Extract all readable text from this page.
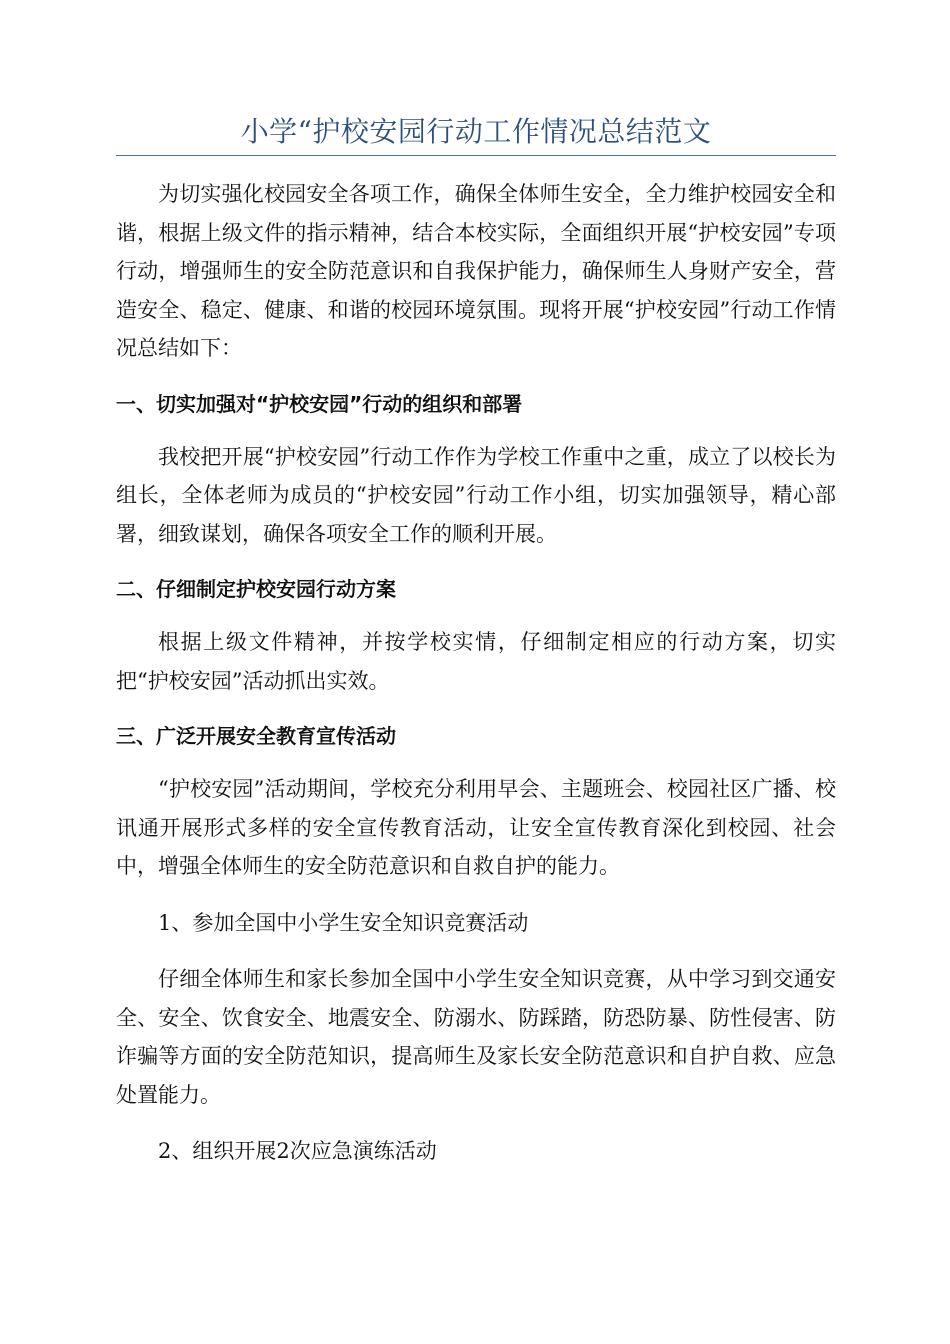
小学“护校安园行动工作情况总结范文

为切实强化校园安全各项工作，确保全体师生安全，全力维护校园安全和谐，根据上级文件的指示精神，结合本校实际，全面组织开展“护校安园”专项行动，增强师生的安全防范意识和自我保护能力，确保师生人身财产安全，营造安全、稳定、健康、和谐的校园环境氛围。现将开展“护校安园”行动工作情况总结如下：

一、切实加强对“护校安园”行动的组织和部署

我校把开展“护校安园”行动工作作为学校工作重中之重，成立了以校长为组长，全体老师为成员的“护校安园”行动工作小组，切实加强领导，精心部署，细致谋划，确保各项安全工作的顺利开展。

二、仔细制定护校安园行动方案

根据上级文件精神，并按学校实情，仔细制定相应的行动方案，切实把“护校安园”活动抓出实效。

三、广泛开展安全教育宣传活动

“护校安园”活动期间，学校充分利用早会、主题班会、校园社区广播、校讯通开展形式多样的安全宣传教育活动，让安全宣传教育深化到校园、社会中，增强全体师生的安全防范意识和自救自护的能力。

1、参加全国中小学生安全知识竞赛活动

仔细全体师生和家长参加全国中小学生安全知识竞赛，从中学习到交通安全、安全、饮食安全、地震安全、防溺水、防踩踏，防恐防暴、防性侵害、防诈骗等方面的安全防范知识，提高师生及家长安全防范意识和自护自救、应急处置能力。

2、组织开展2次应急演练活动
